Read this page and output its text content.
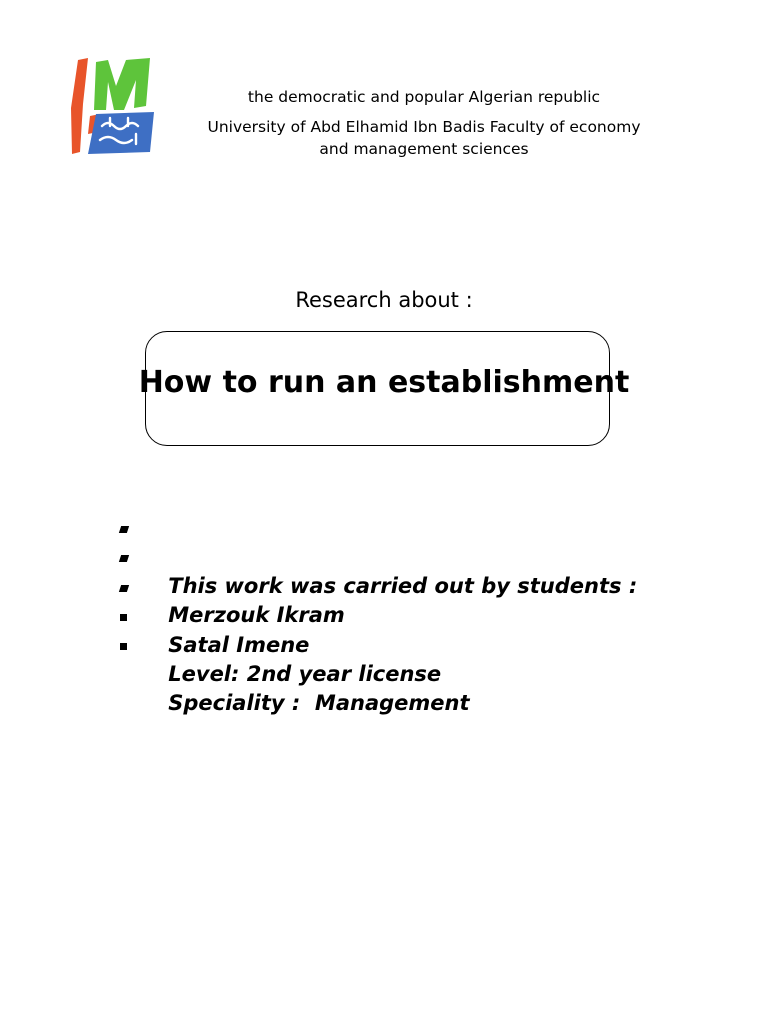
the democratic and popular Algerian republic
University of Abd Elhamid Ibn Badis Faculty of economy
and management sciences
Research about :
How to run an establishment

This work was carried out by students :

Merzouk Ikram

Satal Imene

Level: 2nd year license

Speciality :  Management
